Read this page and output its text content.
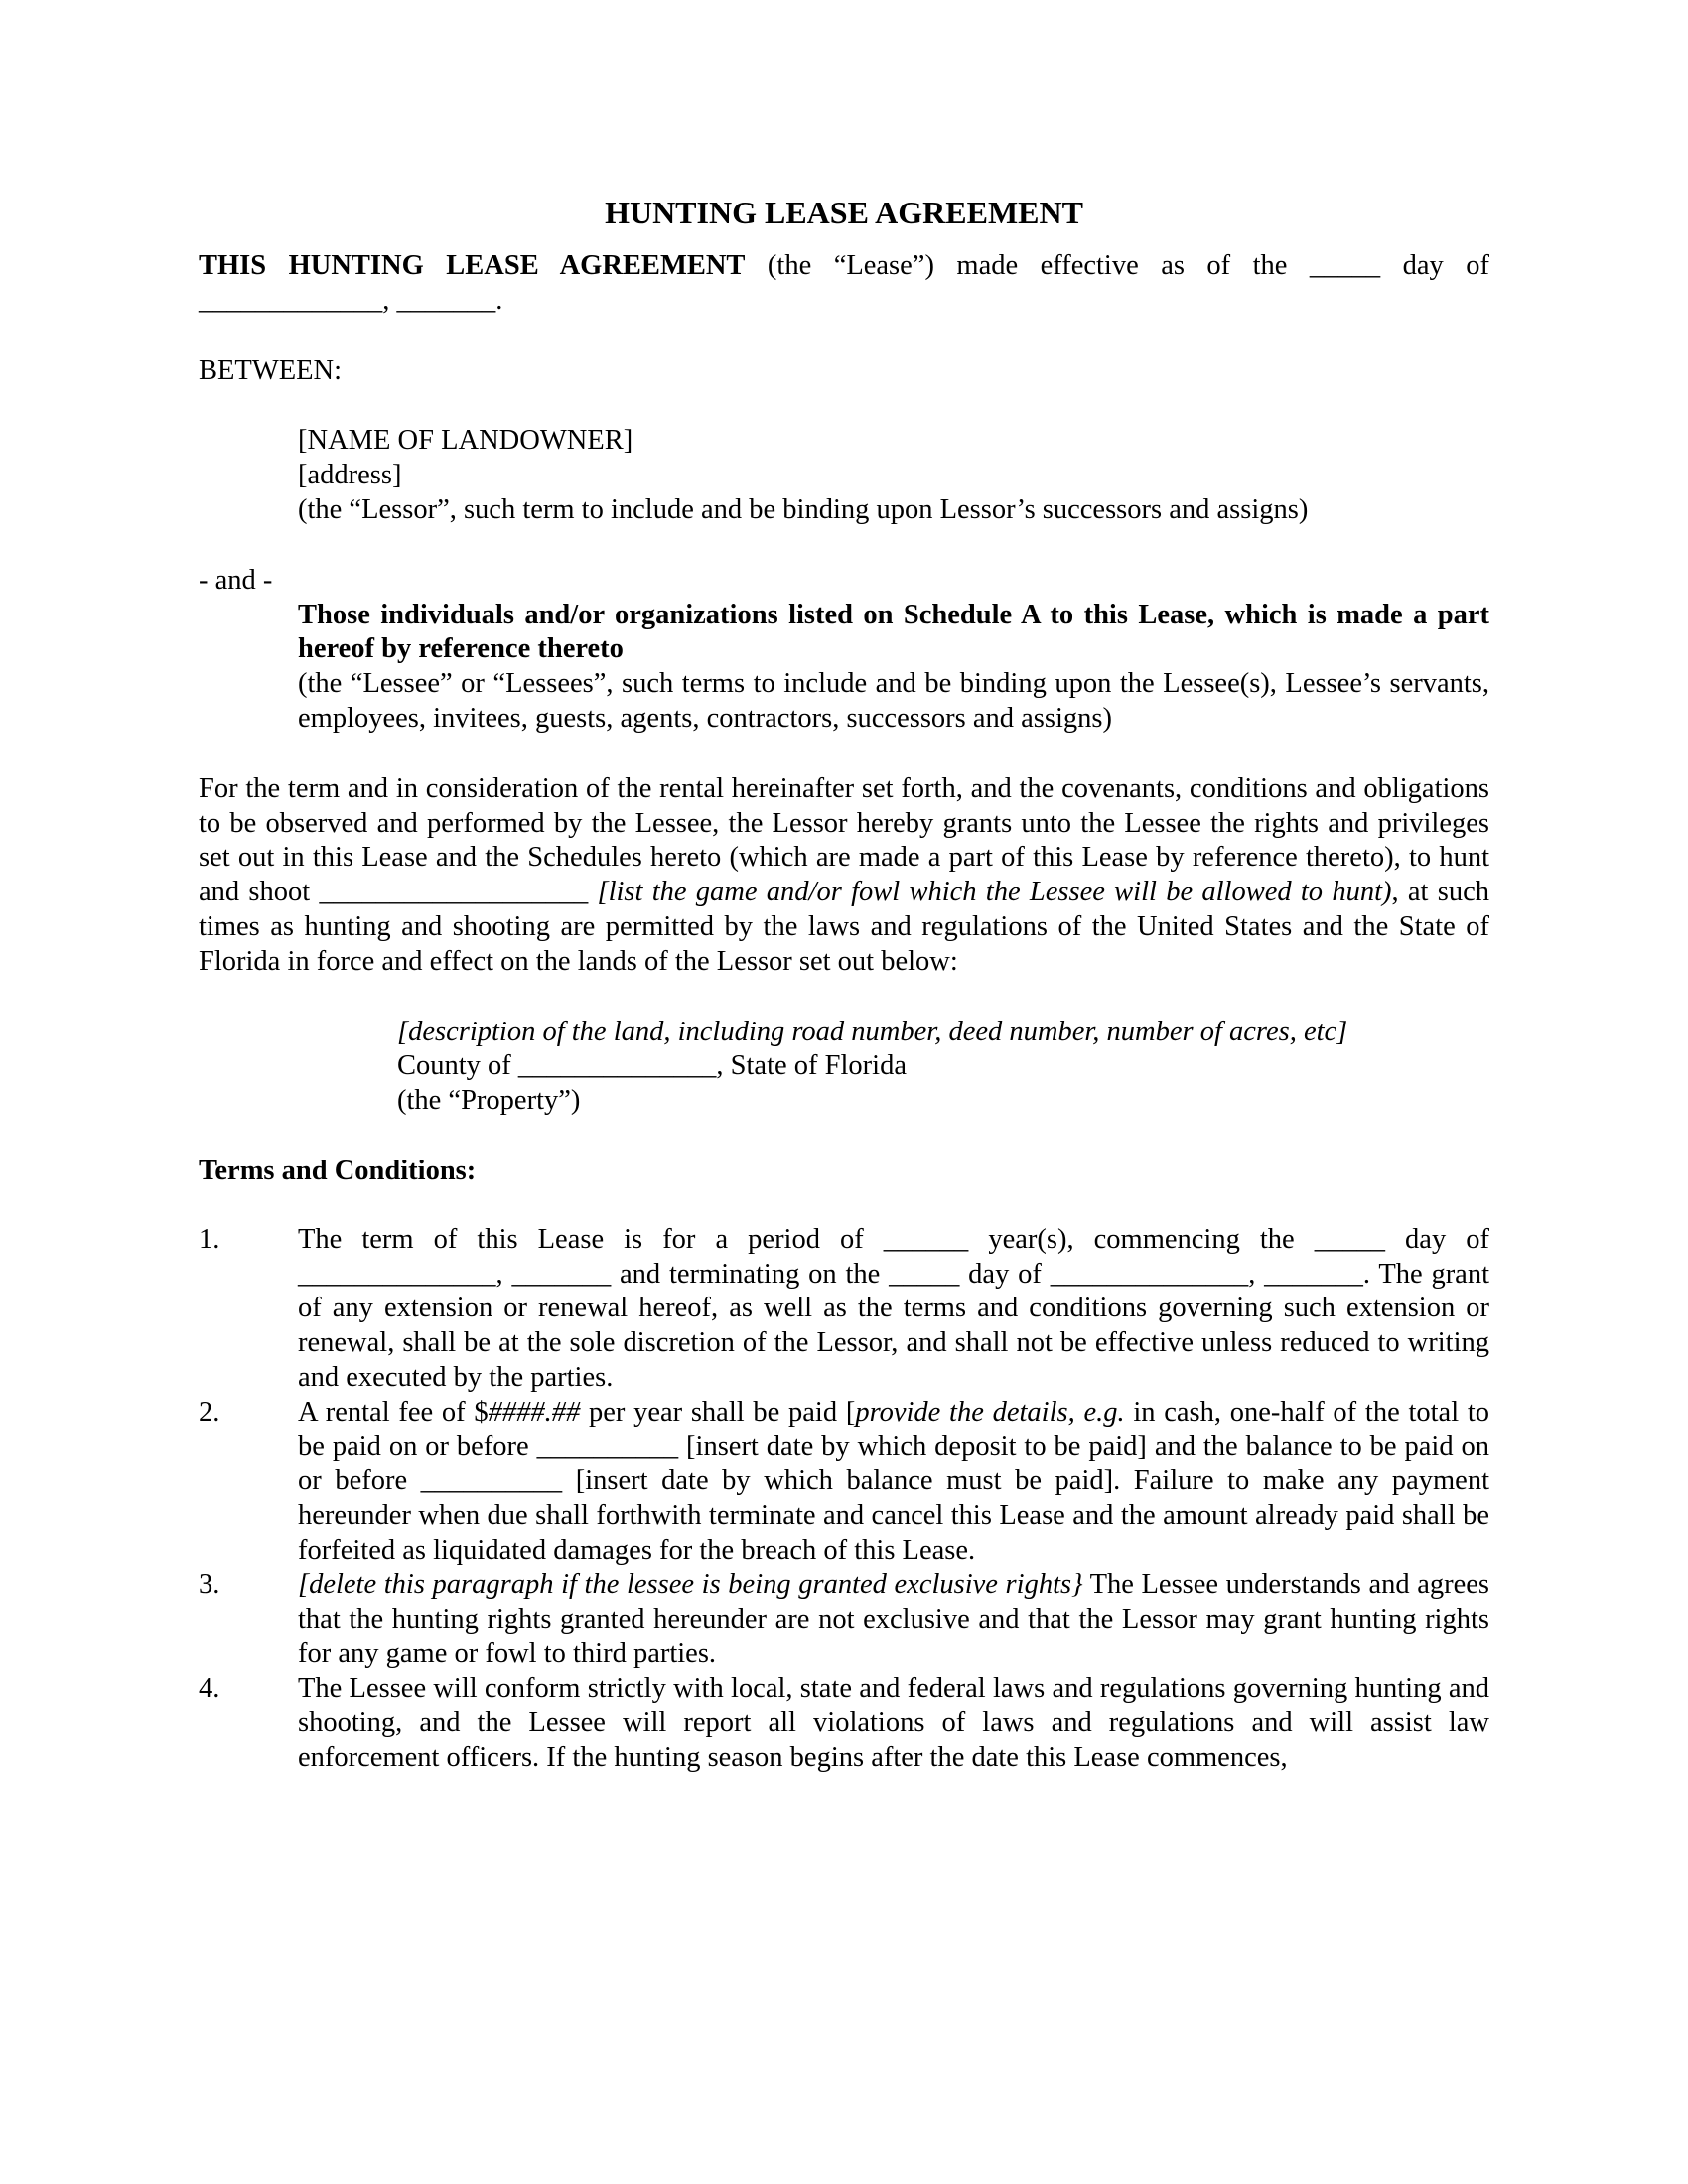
HUNTING LEASE AGREEMENT

THIS HUNTING LEASE AGREEMENT (the “Lease”) made effective as of the _____ day of _____________, _______.

BETWEEN:

[NAME OF LANDOWNER]
[address]
(the “Lessor”, such term to include and be binding upon Lessor’s successors and assigns)

- and -

Those individuals and/or organizations listed on Schedule A to this Lease, which is made a part hereof by reference thereto

(the “Lessee” or “Lessees”, such terms to include and be binding upon the Lessee(s), Lessee’s servants, employees, invitees, guests, agents, contractors, successors and assigns)

For the term and in consideration of the rental hereinafter set forth, and the covenants, conditions and obligations to be observed and performed by the Lessee, the Lessor hereby grants unto the Lessee the rights and privileges set out in this Lease and the Schedules hereto (which are made a part of this Lease by reference thereto), to hunt and shoot ___________________ [list the game and/or fowl which the Lessee will be allowed to hunt), at such times as hunting and shooting are permitted by the laws and regulations of the United States and the State of Florida in force and effect on the lands of the Lessor set out below:

[description of the land, including road number, deed number, number of acres, etc]
County of ______________, State of Florida
(the “Property”)

Terms and Conditions:

1.	The term of this Lease is for a period of ______ year(s), commencing the _____ day of ______________, _______ and terminating on the _____ day of ______________, _______. The grant of any extension or renewal hereof, as well as the terms and conditions governing such extension or renewal, shall be at the sole discretion of the Lessor, and shall not be effective unless reduced to writing and executed by the parties.
2.	A rental fee of $####.## per year shall be paid [provide the details, e.g. in cash, one-half of the total to be paid on or before __________ [insert date by which deposit to be paid] and the balance to be paid on or before __________ [insert date by which balance must be paid]. Failure to make any payment hereunder when due shall forthwith terminate and cancel this Lease and the amount already paid shall be forfeited as liquidated damages for the breach of this Lease.
3.	[delete this paragraph if the lessee is being granted exclusive rights} The Lessee understands and agrees that the hunting rights granted hereunder are not exclusive and that the Lessor may grant hunting rights for any game or fowl to third parties.
4.	The Lessee will conform strictly with local, state and federal laws and regulations governing hunting and shooting, and the Lessee will report all violations of laws and regulations and will assist law enforcement officers. If the hunting season begins after the date this Lease commences,
